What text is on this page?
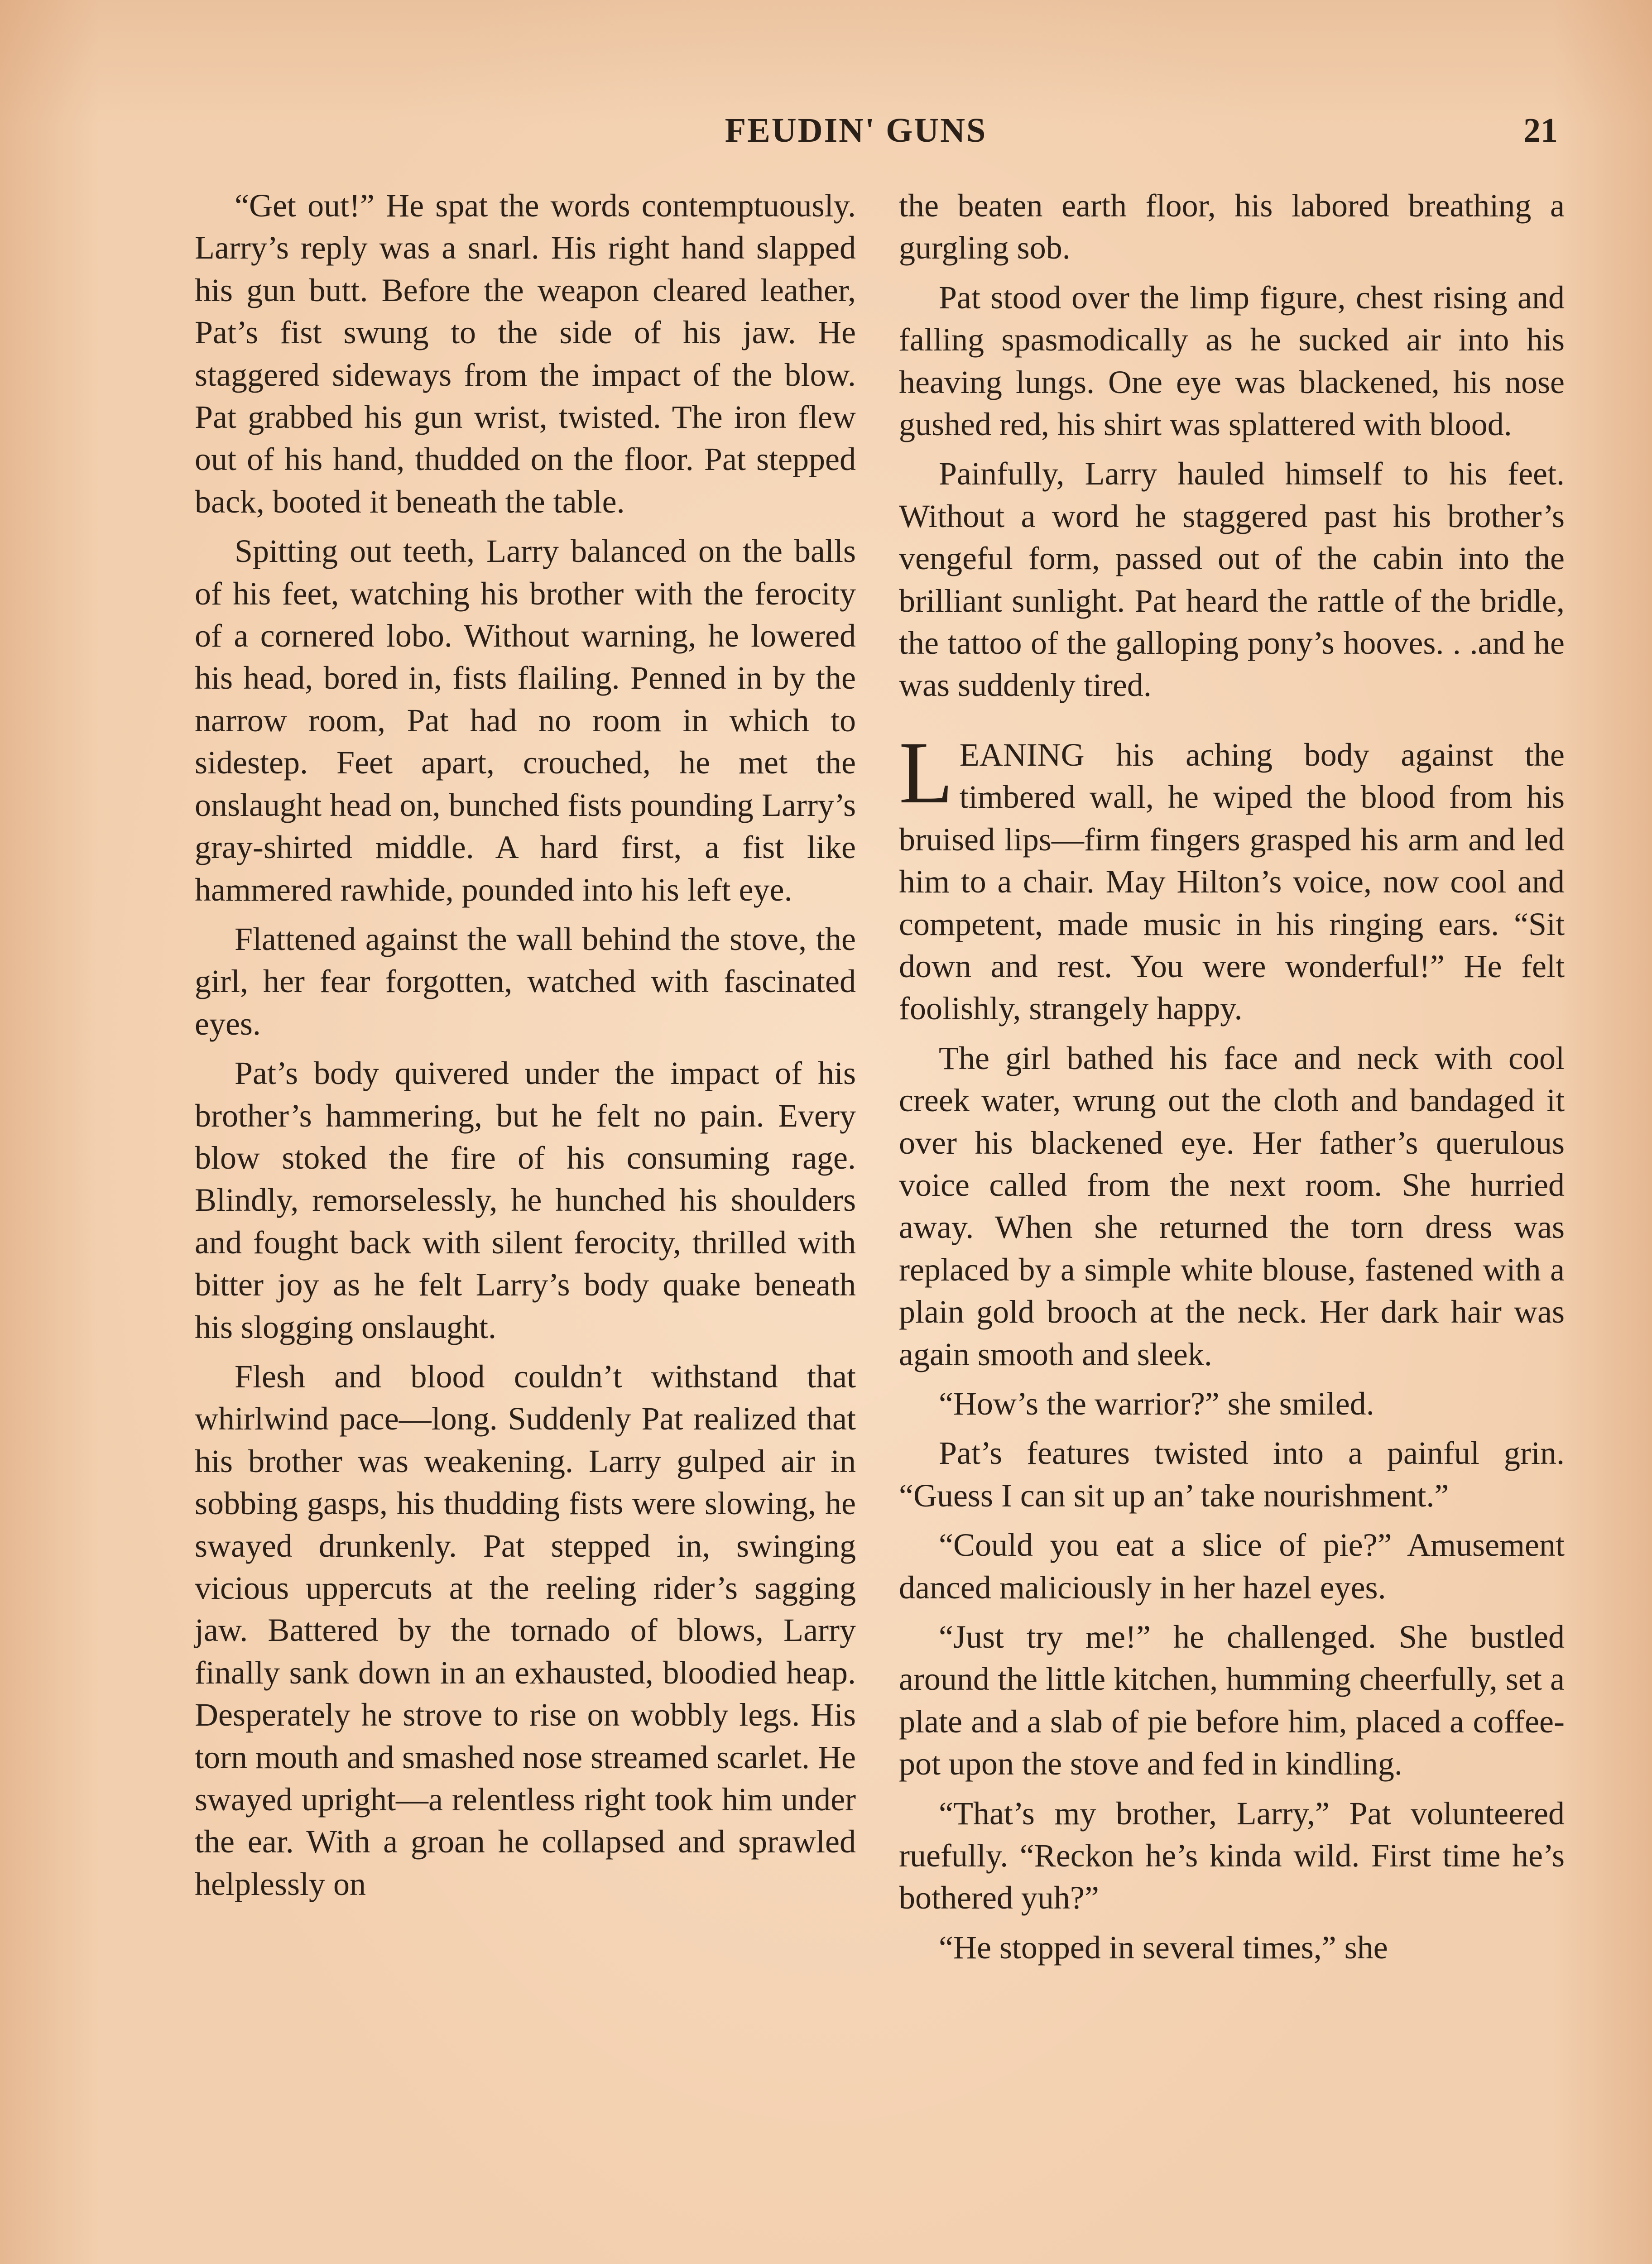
FEUDIN' GUNS	21

“Get out!” He spat the words contemptuously. Larry’s reply was a snarl. His right hand slapped his gun butt. Before the weapon cleared leather, Pat’s fist swung to the side of his jaw. He staggered sideways from the impact of the blow. Pat grabbed his gun wrist, twisted. The iron flew out of his hand, thudded on the floor. Pat stepped back, booted it beneath the table.

Spitting out teeth, Larry balanced on the balls of his feet, watching his brother with the ferocity of a cornered lobo. Without warning, he lowered his head, bored in, fists flailing. Penned in by the narrow room, Pat had no room in which to sidestep. Feet apart, crouched, he met the onslaught head on, bunched fists pounding Larry’s gray-shirted middle. A hard first, a fist like hammered rawhide, pounded into his left eye.

Flattened against the wall behind the stove, the girl, her fear forgotten, watched with fascinated eyes.

Pat’s body quivered under the impact of his brother’s hammering, but he felt no pain. Every blow stoked the fire of his consuming rage. Blindly, remorselessly, he hunched his shoulders and fought back with silent ferocity, thrilled with bitter joy as he felt Larry’s body quake beneath his slogging onslaught.

Flesh and blood couldn’t withstand that whirlwind pace—long. Suddenly Pat realized that his brother was weakening. Larry gulped air in sobbing gasps, his thudding fists were slowing, he swayed drunkenly. Pat stepped in, swinging vicious uppercuts at the reeling rider’s sagging jaw. Battered by the tornado of blows, Larry finally sank down in an exhausted, bloodied heap. Desperately he strove to rise on wobbly legs. His torn mouth and smashed nose streamed scarlet. He swayed upright—a relentless right took him under the ear. With a groan he collapsed and sprawled helplessly on

the beaten earth floor, his labored breathing a gurgling sob.

Pat stood over the limp figure, chest rising and falling spasmodically as he sucked air into his heaving lungs. One eye was blackened, his nose gushed red, his shirt was splattered with blood.

Painfully, Larry hauled himself to his feet. Without a word he staggered past his brother’s vengeful form, passed out of the cabin into the brilliant sunlight. Pat heard the rattle of the bridle, the tattoo of the galloping pony’s hooves. . .and he was suddenly tired.

LEANING his aching body against the timbered wall, he wiped the blood from his bruised lips—firm fingers grasped his arm and led him to a chair. May Hilton’s voice, now cool and competent, made music in his ringing ears. “Sit down and rest. You were wonderful!” He felt foolishly, strangely happy.

The girl bathed his face and neck with cool creek water, wrung out the cloth and bandaged it over his blackened eye. Her father’s querulous voice called from the next room. She hurried away. When she returned the torn dress was replaced by a simple white blouse, fastened with a plain gold brooch at the neck. Her dark hair was again smooth and sleek.

“How’s the warrior?” she smiled.

Pat’s features twisted into a painful grin. “Guess I can sit up an’ take nourishment.”

“Could you eat a slice of pie?” Amusement danced maliciously in her hazel eyes.

“Just try me!” he challenged. She bustled around the little kitchen, humming cheerfully, set a plate and a slab of pie before him, placed a coffee-pot upon the stove and fed in kindling.

“That’s my brother, Larry,” Pat volunteered ruefully. “Reckon he’s kinda wild. First time he’s bothered yuh?”

“He stopped in several times,” she
